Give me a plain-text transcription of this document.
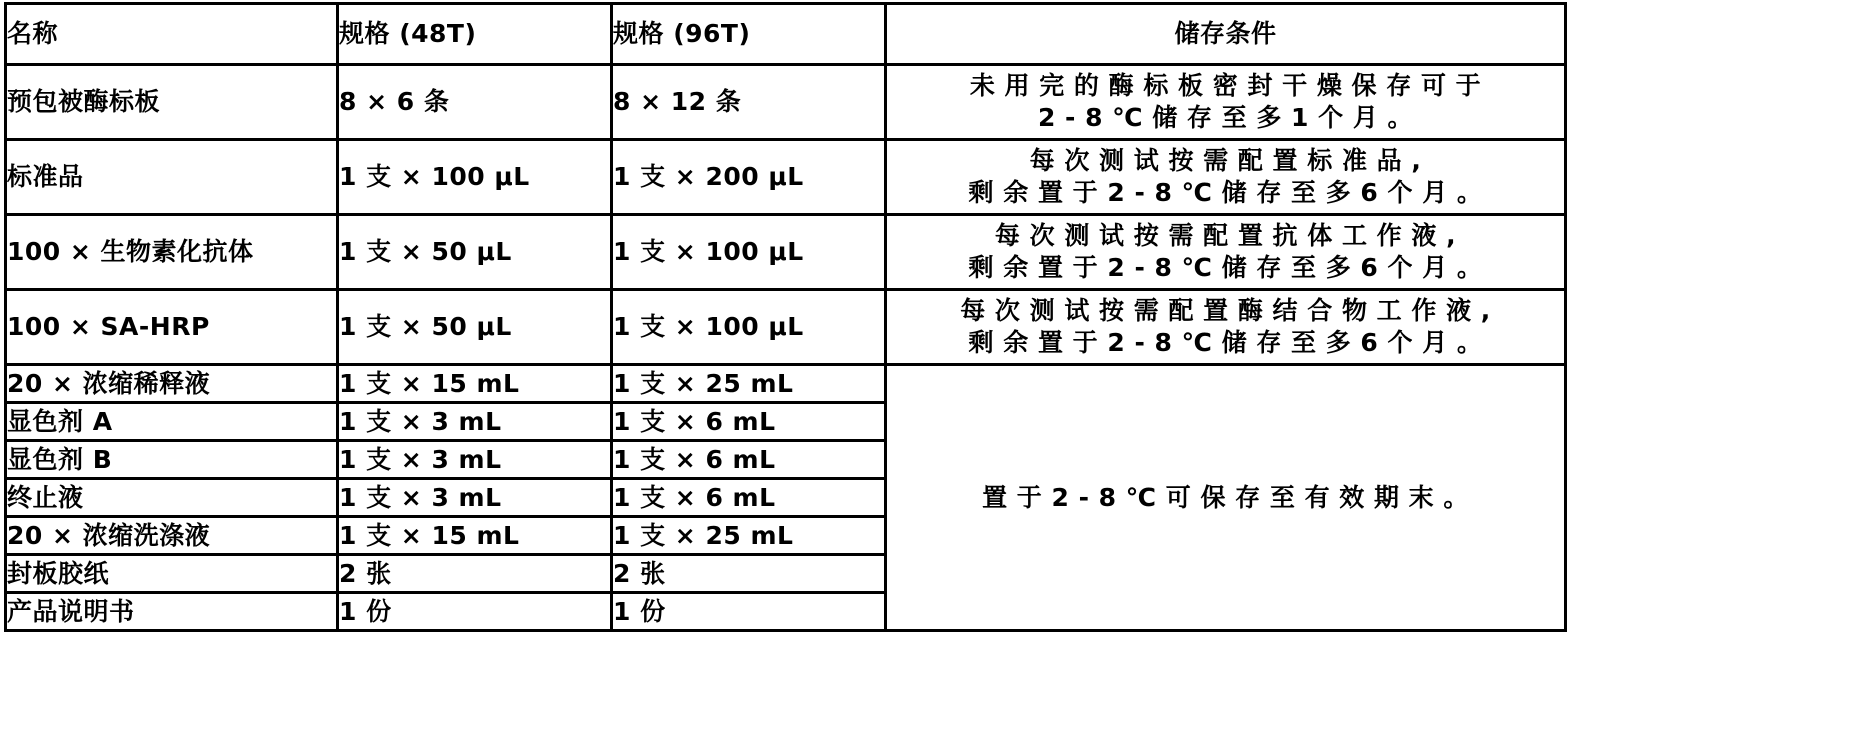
名称	规格 (48T)	规格 (96T)	储存条件
预包被酶标板	8 × 6 条	8 × 12 条	未 用 完 的 酶 标 板 密 封 干 燥 保 存 可 于
2 - 8 ℃ 储 存 至 多 1 个 月 。

标准品	1 支 × 100 μL	1 支 × 200 μL	每 次 测 试 按 需 配 置 标 准 品 ,
剩 余 置 于 2 - 8 ℃ 储 存 至 多 6 个 月 。

100 × 生物素化抗体	1 支 × 50 μL	1 支 × 100 μL	每 次 测 试 按 需 配 置 抗 体 工 作 液 ,
剩 余 置 于 2 - 8 ℃ 储 存 至 多 6 个 月 。

100 × SA-HRP	1 支 × 50 μL	1 支 × 100 μL	每 次 测 试 按 需 配 置 酶 结 合 物 工 作 液 ,
剩 余 置 于 2 - 8 ℃ 储 存 至 多 6 个 月 。

20 × 浓缩稀释液	1 支 × 15 mL	1 支 × 25 mL	置 于 2 - 8 ℃ 可 保 存 至 有 效 期 末 。
显色剂 A	1 支 × 3 mL	1 支 × 6 mL	
显色剂 B	1 支 × 3 mL	1 支 × 6 mL	
终止液	1 支 × 3 mL	1 支 × 6 mL	
20 × 浓缩洗涤液	1 支 × 15 mL	1 支 × 25 mL	
封板胶纸	2 张	2 张	
产品说明书	1 份	1 份	
